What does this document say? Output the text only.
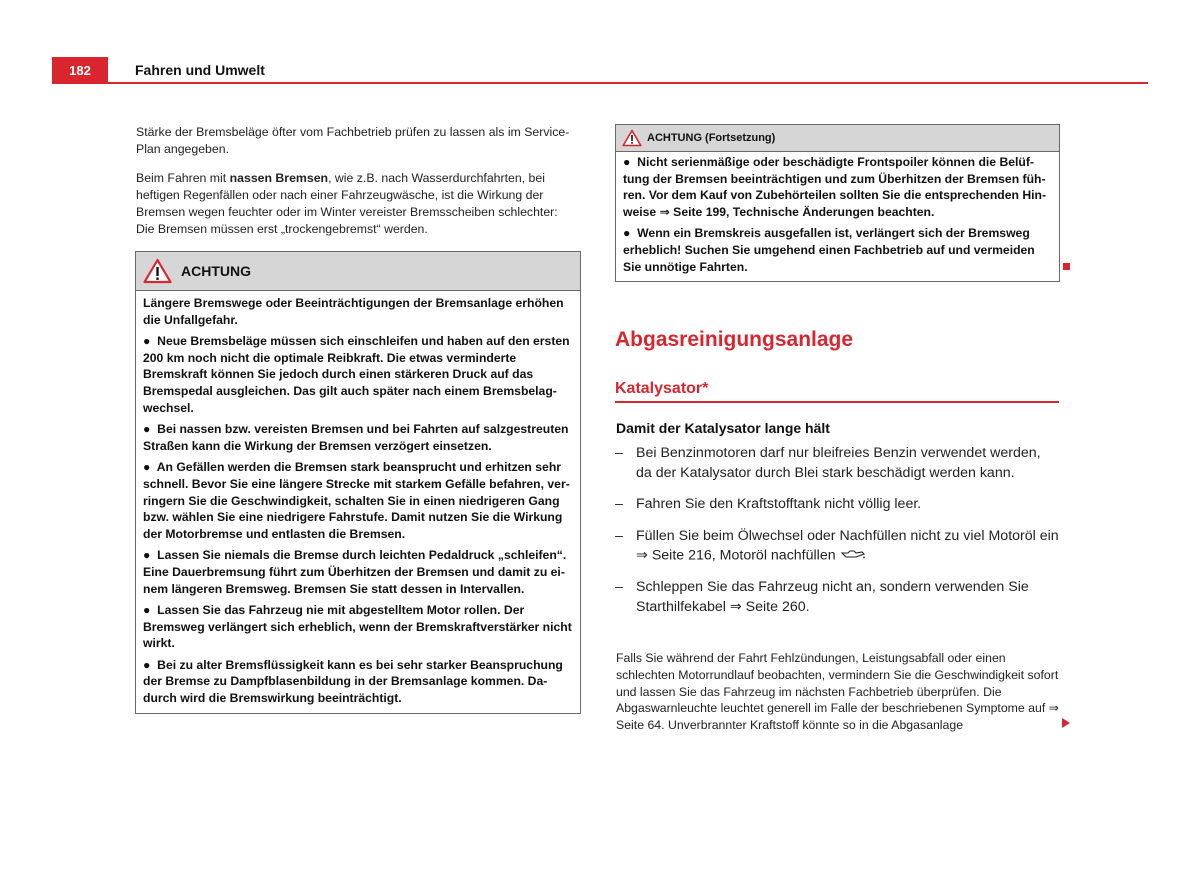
182	Fahren und Umwelt

Stärke der Bremsbeläge öfter vom Fachbetrieb prüfen zu lassen als im Service-Plan angegeben.

Beim Fahren mit nassen Bremsen, wie z.B. nach Wasserdurchfahrten, bei heftigen Regenfällen oder nach einer Fahrzeugwäsche, ist die Wirkung der Bremsen wegen feuchter oder im Winter vereister Bremsscheiben schlechter: Die Bremsen müssen erst „trockengebremst“ werden.

ACHTUNG

Längere Bremswege oder Beeinträchtigungen der Bremsanlage erhöhen die Unfallgefahr.

●  Neue Bremsbeläge müssen sich einschleifen und haben auf den ersten 200 km noch nicht die optimale Reibkraft. Die etwas verminderte Bremskraft können Sie jedoch durch einen stärkeren Druck auf das Bremspedal ausgleichen. Das gilt auch später nach einem Bremsbelagwechsel.

●  Bei nassen bzw. vereisten Bremsen und bei Fahrten auf salzgestreuten Straßen kann die Wirkung der Bremsen verzögert einsetzen.

●  An Gefällen werden die Bremsen stark beansprucht und erhitzen sehr schnell. Bevor Sie eine längere Strecke mit starkem Gefälle befahren, verringern Sie die Geschwindigkeit, schalten Sie in einen niedrigeren Gang bzw. wählen Sie eine niedrigere Fahrstufe. Damit nutzen Sie die Wirkung der Motorbremse und entlasten die Bremsen.

●  Lassen Sie niemals die Bremse durch leichten Pedaldruck „schleifen“. Eine Dauerbremsung führt zum Überhitzen der Bremsen und damit zu einem längeren Bremsweg. Bremsen Sie statt dessen in Intervallen.

●  Lassen Sie das Fahrzeug nie mit abgestelltem Motor rollen. Der Bremsweg verlängert sich erheblich, wenn der Bremskraftverstärker nicht wirkt.

●  Bei zu alter Bremsflüssigkeit kann es bei sehr starker Beanspruchung der Bremse zu Dampfblasenbildung in der Bremsanlage kommen. Dadurch wird die Bremswirkung beeinträchtigt.

ACHTUNG (Fortsetzung)

●  Nicht serienmäßige oder beschädigte Frontspoiler können die Belüftung der Bremsen beeinträchtigen und zum Überhitzen der Bremsen führen. Vor dem Kauf von Zubehörteilen sollten Sie die entsprechenden Hinweise ⇒ Seite 199, Technische Änderungen beachten.

●  Wenn ein Bremskreis ausgefallen ist, verlängert sich der Bremsweg erheblich! Suchen Sie umgehend einen Fachbetrieb auf und vermeiden Sie unnötige Fahrten.

Abgasreinigungsanlage
Katalysator*
Damit der Katalysator lange hält
– Bei Benzinmotoren darf nur bleifreies Benzin verwendet werden, da der Katalysator durch Blei stark beschädigt werden kann.
– Fahren Sie den Kraftstofftank nicht völlig leer.
– Füllen Sie beim Ölwechsel oder Nachfüllen nicht zu viel Motoröl ein ⇒ Seite 216, Motoröl nachfüllen
– Schleppen Sie das Fahrzeug nicht an, sondern verwenden Sie Starthilfekabel ⇒ Seite 260.

Falls Sie während der Fahrt Fehlzündungen, Leistungsabfall oder einen schlechten Motorrundlauf beobachten, vermindern Sie die Geschwindigkeit sofort und lassen Sie das Fahrzeug im nächsten Fachbetrieb überprüfen. Die Abgaswarnleuchte leuchtet generell im Falle der beschriebenen Symptome auf ⇒ Seite 64. Unverbrannter Kraftstoff könnte so in die Abgasanlage
